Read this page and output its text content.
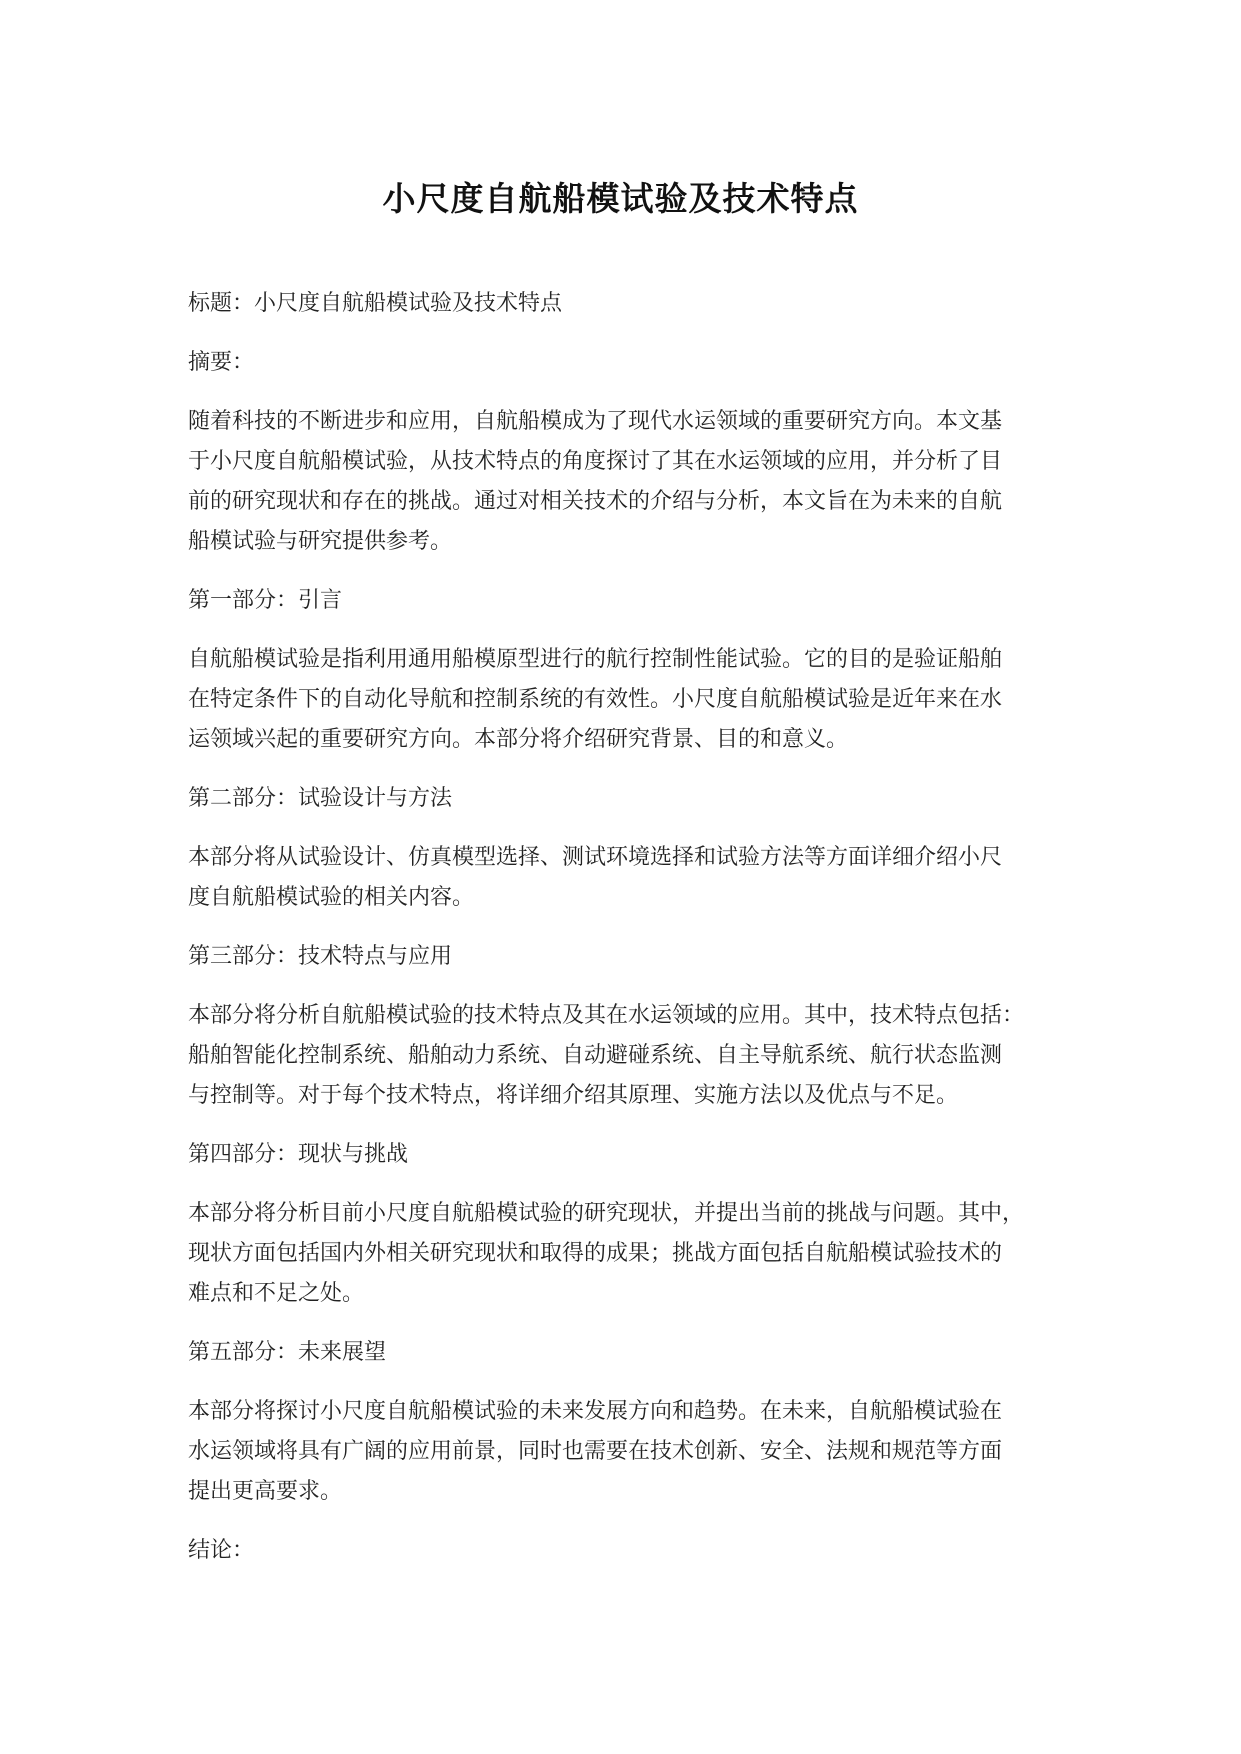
小尺度自航船模试验及技术特点
标题：小尺度自航船模试验及技术特点
摘要：
随着科技的不断进步和应用，自航船模成为了现代水运领域的重要研究方向。本文基
于小尺度自航船模试验，从技术特点的角度探讨了其在水运领域的应用，并分析了目
前的研究现状和存在的挑战。通过对相关技术的介绍与分析，本文旨在为未来的自航
船模试验与研究提供参考。
第一部分：引言
自航船模试验是指利用通用船模原型进行的航行控制性能试验。它的目的是验证船舶
在特定条件下的自动化导航和控制系统的有效性。小尺度自航船模试验是近年来在水
运领域兴起的重要研究方向。本部分将介绍研究背景、目的和意义。
第二部分：试验设计与方法
本部分将从试验设计、仿真模型选择、测试环境选择和试验方法等方面详细介绍小尺
度自航船模试验的相关内容。
第三部分：技术特点与应用
本部分将分析自航船模试验的技术特点及其在水运领域的应用。其中，技术特点包括：
船舶智能化控制系统、船舶动力系统、自动避碰系统、自主导航系统、航行状态监测
与控制等。对于每个技术特点，将详细介绍其原理、实施方法以及优点与不足。
第四部分：现状与挑战
本部分将分析目前小尺度自航船模试验的研究现状，并提出当前的挑战与问题。其中，
现状方面包括国内外相关研究现状和取得的成果；挑战方面包括自航船模试验技术的
难点和不足之处。
第五部分：未来展望
本部分将探讨小尺度自航船模试验的未来发展方向和趋势。在未来，自航船模试验在
水运领域将具有广阔的应用前景，同时也需要在技术创新、安全、法规和规范等方面
提出更高要求。
结论：
